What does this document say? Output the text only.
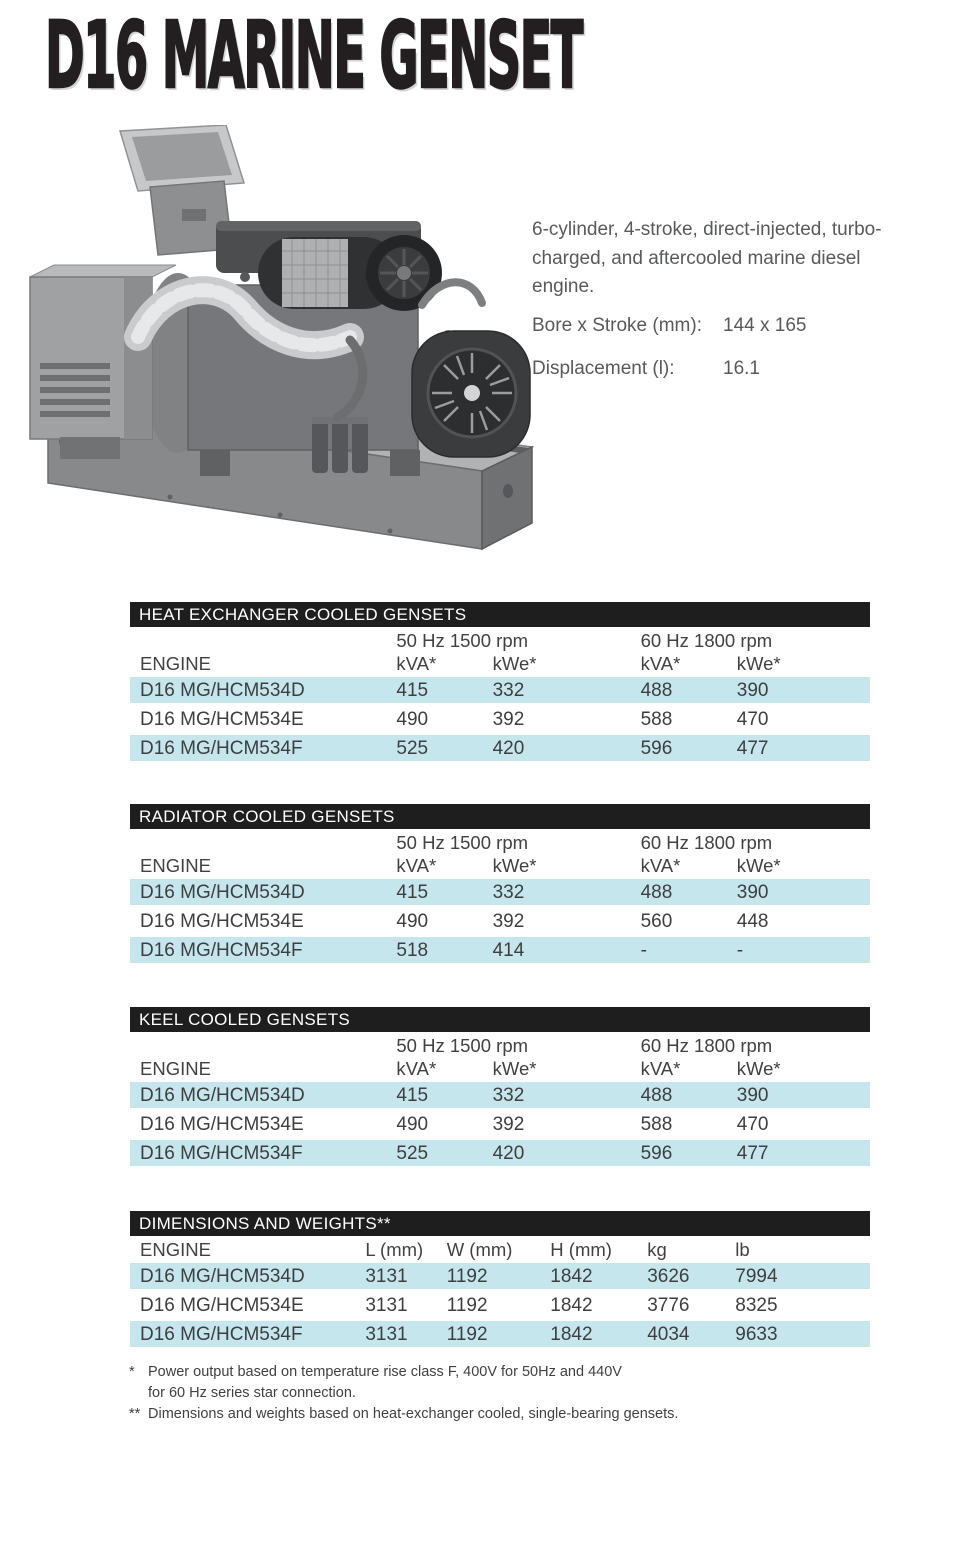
D16 MARINE GENSET

6-cylinder, 4-stroke, direct-injected, turbo-charged, and aftercooled marine diesel engine.

Bore x Stroke (mm):	144 x 165
Displacement (l):	16.1
HEAT EXCHANGER COOLED GENSETS
50 Hz 1500 rpm	60 Hz 1800 rpm
ENGINE	kVA*	kWe*	kVA*	kWe*
D16 MG/HCM534D	415	332	488	390
D16 MG/HCM534E	490	392	588	470
D16 MG/HCM534F	525	420	596	477
RADIATOR COOLED GENSETS
50 Hz 1500 rpm	60 Hz 1800 rpm
ENGINE	kVA*	kWe*	kVA*	kWe*
D16 MG/HCM534D	415	332	488	390
D16 MG/HCM534E	490	392	560	448
D16 MG/HCM534F	518	414	-	-
KEEL COOLED GENSETS
50 Hz 1500 rpm	60 Hz 1800 rpm
ENGINE	kVA*	kWe*	kVA*	kWe*
D16 MG/HCM534D	415	332	488	390
D16 MG/HCM534E	490	392	588	470
D16 MG/HCM534F	525	420	596	477
DIMENSIONS AND WEIGHTS**
ENGINE	L (mm)	W (mm)	H (mm)	kg	lb
D16 MG/HCM534D	3131	1192	1842	3626	7994
D16 MG/HCM534E	3131	1192	1842	3776	8325
D16 MG/HCM534F	3131	1192	1842	4034	9633
* Power output based on temperature rise class F, 400V for 50Hz and 440V
for 60 Hz series star connection.
** Dimensions and weights based on heat-exchanger cooled, single-bearing gensets.
